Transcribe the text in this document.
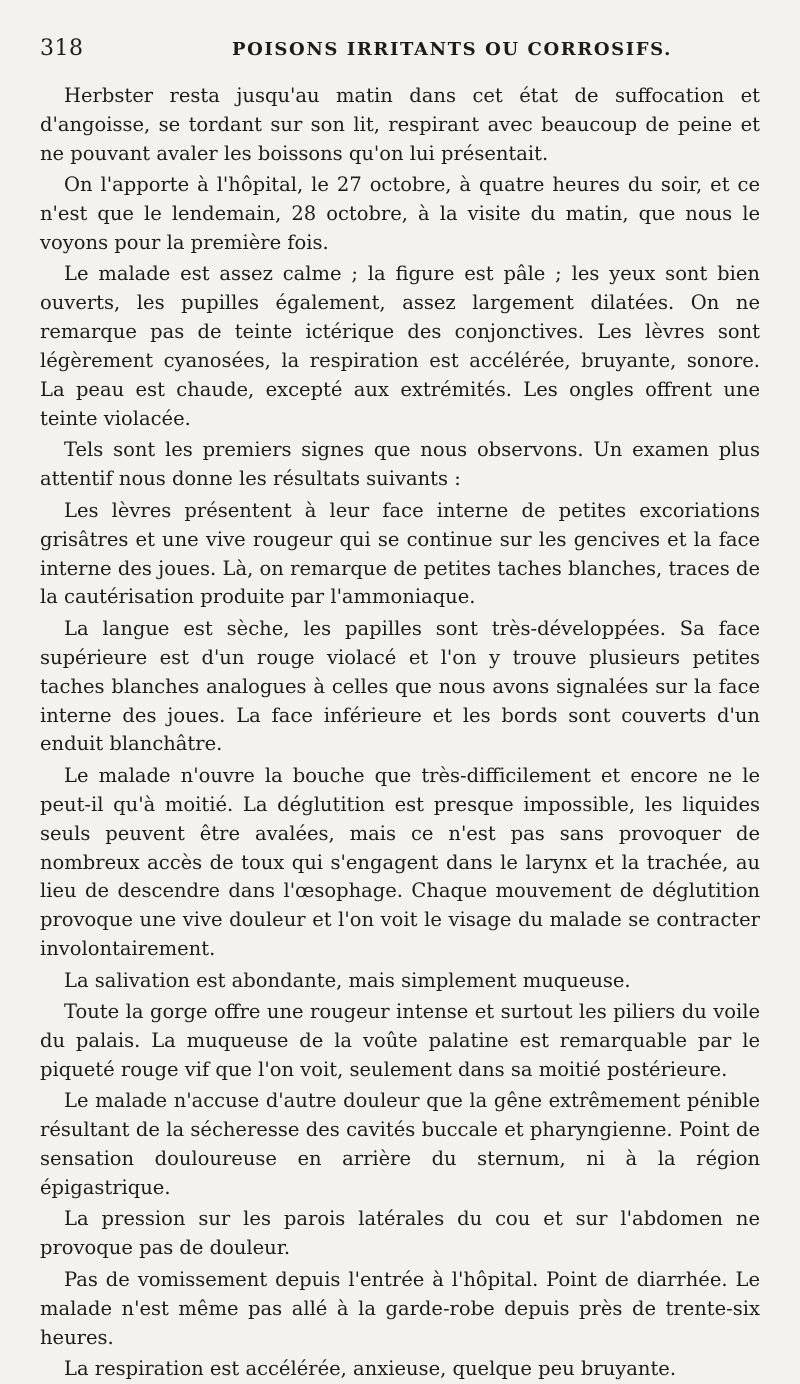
318	POISONS IRRITANTS OU CORROSIFS.

Herbster resta jusqu'au matin dans cet état de suffocation et d'angoisse, se tordant sur son lit, respirant avec beaucoup de peine et ne pouvant avaler les boissons qu'on lui présentait.

On l'apporte à l'hôpital, le 27 octobre, à quatre heures du soir, et ce n'est que le lendemain, 28 octobre, à la visite du matin, que nous le voyons pour la première fois.

Le malade est assez calme ; la figure est pâle ; les yeux sont bien ouverts, les pupilles également, assez largement dilatées. On ne remarque pas de teinte ictérique des conjonctives. Les lèvres sont légèrement cyanosées, la respiration est accélérée, bruyante, sonore. La peau est chaude, excepté aux extrémités. Les ongles offrent une teinte violacée.

Tels sont les premiers signes que nous observons. Un examen plus attentif nous donne les résultats suivants :

Les lèvres présentent à leur face interne de petites excoriations grisâtres et une vive rougeur qui se continue sur les gencives et la face interne des joues. Là, on remarque de petites taches blanches, traces de la cautérisation produite par l'ammoniaque.

La langue est sèche, les papilles sont très-développées. Sa face supérieure est d'un rouge violacé et l'on y trouve plusieurs petites taches blanches analogues à celles que nous avons signalées sur la face interne des joues. La face inférieure et les bords sont couverts d'un enduit blanchâtre.

Le malade n'ouvre la bouche que très-difficilement et encore ne le peut-il qu'à moitié. La déglutition est presque impossible, les liquides seuls peuvent être avalées, mais ce n'est pas sans provoquer de nombreux accès de toux qui s'engagent dans le larynx et la trachée, au lieu de descendre dans l'œsophage. Chaque mouvement de déglutition provoque une vive douleur et l'on voit le visage du malade se contracter involontairement.

La salivation est abondante, mais simplement muqueuse.

Toute la gorge offre une rougeur intense et surtout les piliers du voile du palais. La muqueuse de la voûte palatine est remarquable par le piqueté rouge vif que l'on voit, seulement dans sa moitié postérieure.

Le malade n'accuse d'autre douleur que la gêne extrêmement pénible résultant de la sécheresse des cavités buccale et pharyngienne. Point de sensation douloureuse en arrière du sternum, ni à la région épigastrique.

La pression sur les parois latérales du cou et sur l'abdomen ne provoque pas de douleur.

Pas de vomissement depuis l'entrée à l'hôpital. Point de diarrhée. Le malade n'est même pas allé à la garde-robe depuis près de trente-six heures.

La respiration est accélérée, anxieuse, quelque peu bruyante.
